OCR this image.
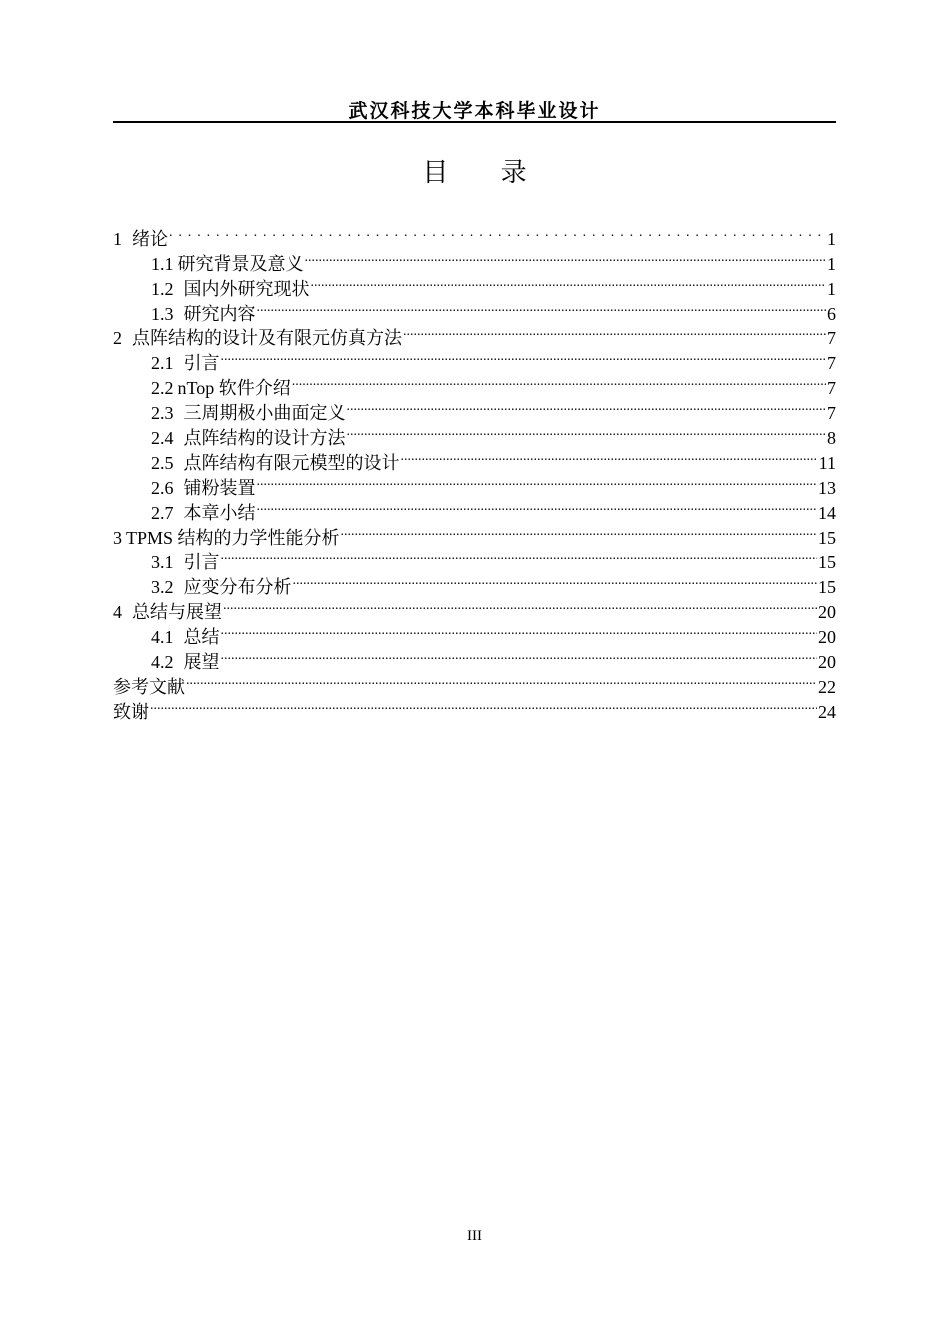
武汉科技大学本科毕业设计
目 录
1 绪论 . . .	1
1.1 研究背景及意义 .....	1
1.2 国内外研究现状 .....	1
1.3 研究内容 .....	6
2 点阵结构的设计及有限元仿真方法 .....	7
2.1 引言 .....	7
2.2 nTop 软件介绍 .....	7
2.3 三周期极小曲面定义 .....	7
2.4 点阵结构的设计方法 .....	8
2.5 点阵结构有限元模型的设计 .....	11
2.6 铺粉装置 .....	13
2.7 本章小结 .....	14
3 TPMS 结构的力学性能分析 .....	15
3.1 引言 .....	15
3.2 应变分布分析 .....	15
4 总结与展望 .....	20
4.1 总结 .....	20
4.2 展望 .....	20
参考文献 .....	22
致谢 .....	24
III
